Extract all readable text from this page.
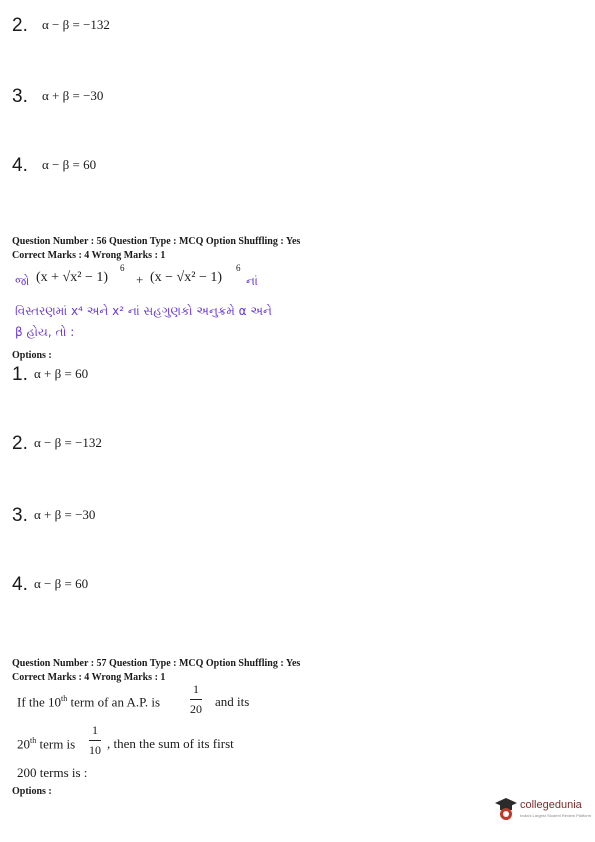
2. α − β = −132
3. α + β = −30
4. α − β = 60
Question Number : 56 Question Type : MCQ Option Shuffling : Yes
Correct Marks : 4 Wrong Marks : 1
જો (x + √x² − 1)
6
+ (x − √x² − 1)
6
નાં
વિસ્તરણમાં x⁴ અને x² નાં સહગુણકો અનુક્રમે α અને
β હોય, તો :
Options :
1. α + β = 60
2. α − β = −132
3. α + β = −30
4. α − β = 60
Question Number : 57 Question Type : MCQ Option Shuffling : Yes
Correct Marks : 4 Wrong Marks : 1
If the 10th term of an A.P. is
1
20 and its
20th term is
1
10 , then the sum of its first
200 terms is :
Options :
collegedunia
India's Largest Student Review Platform
